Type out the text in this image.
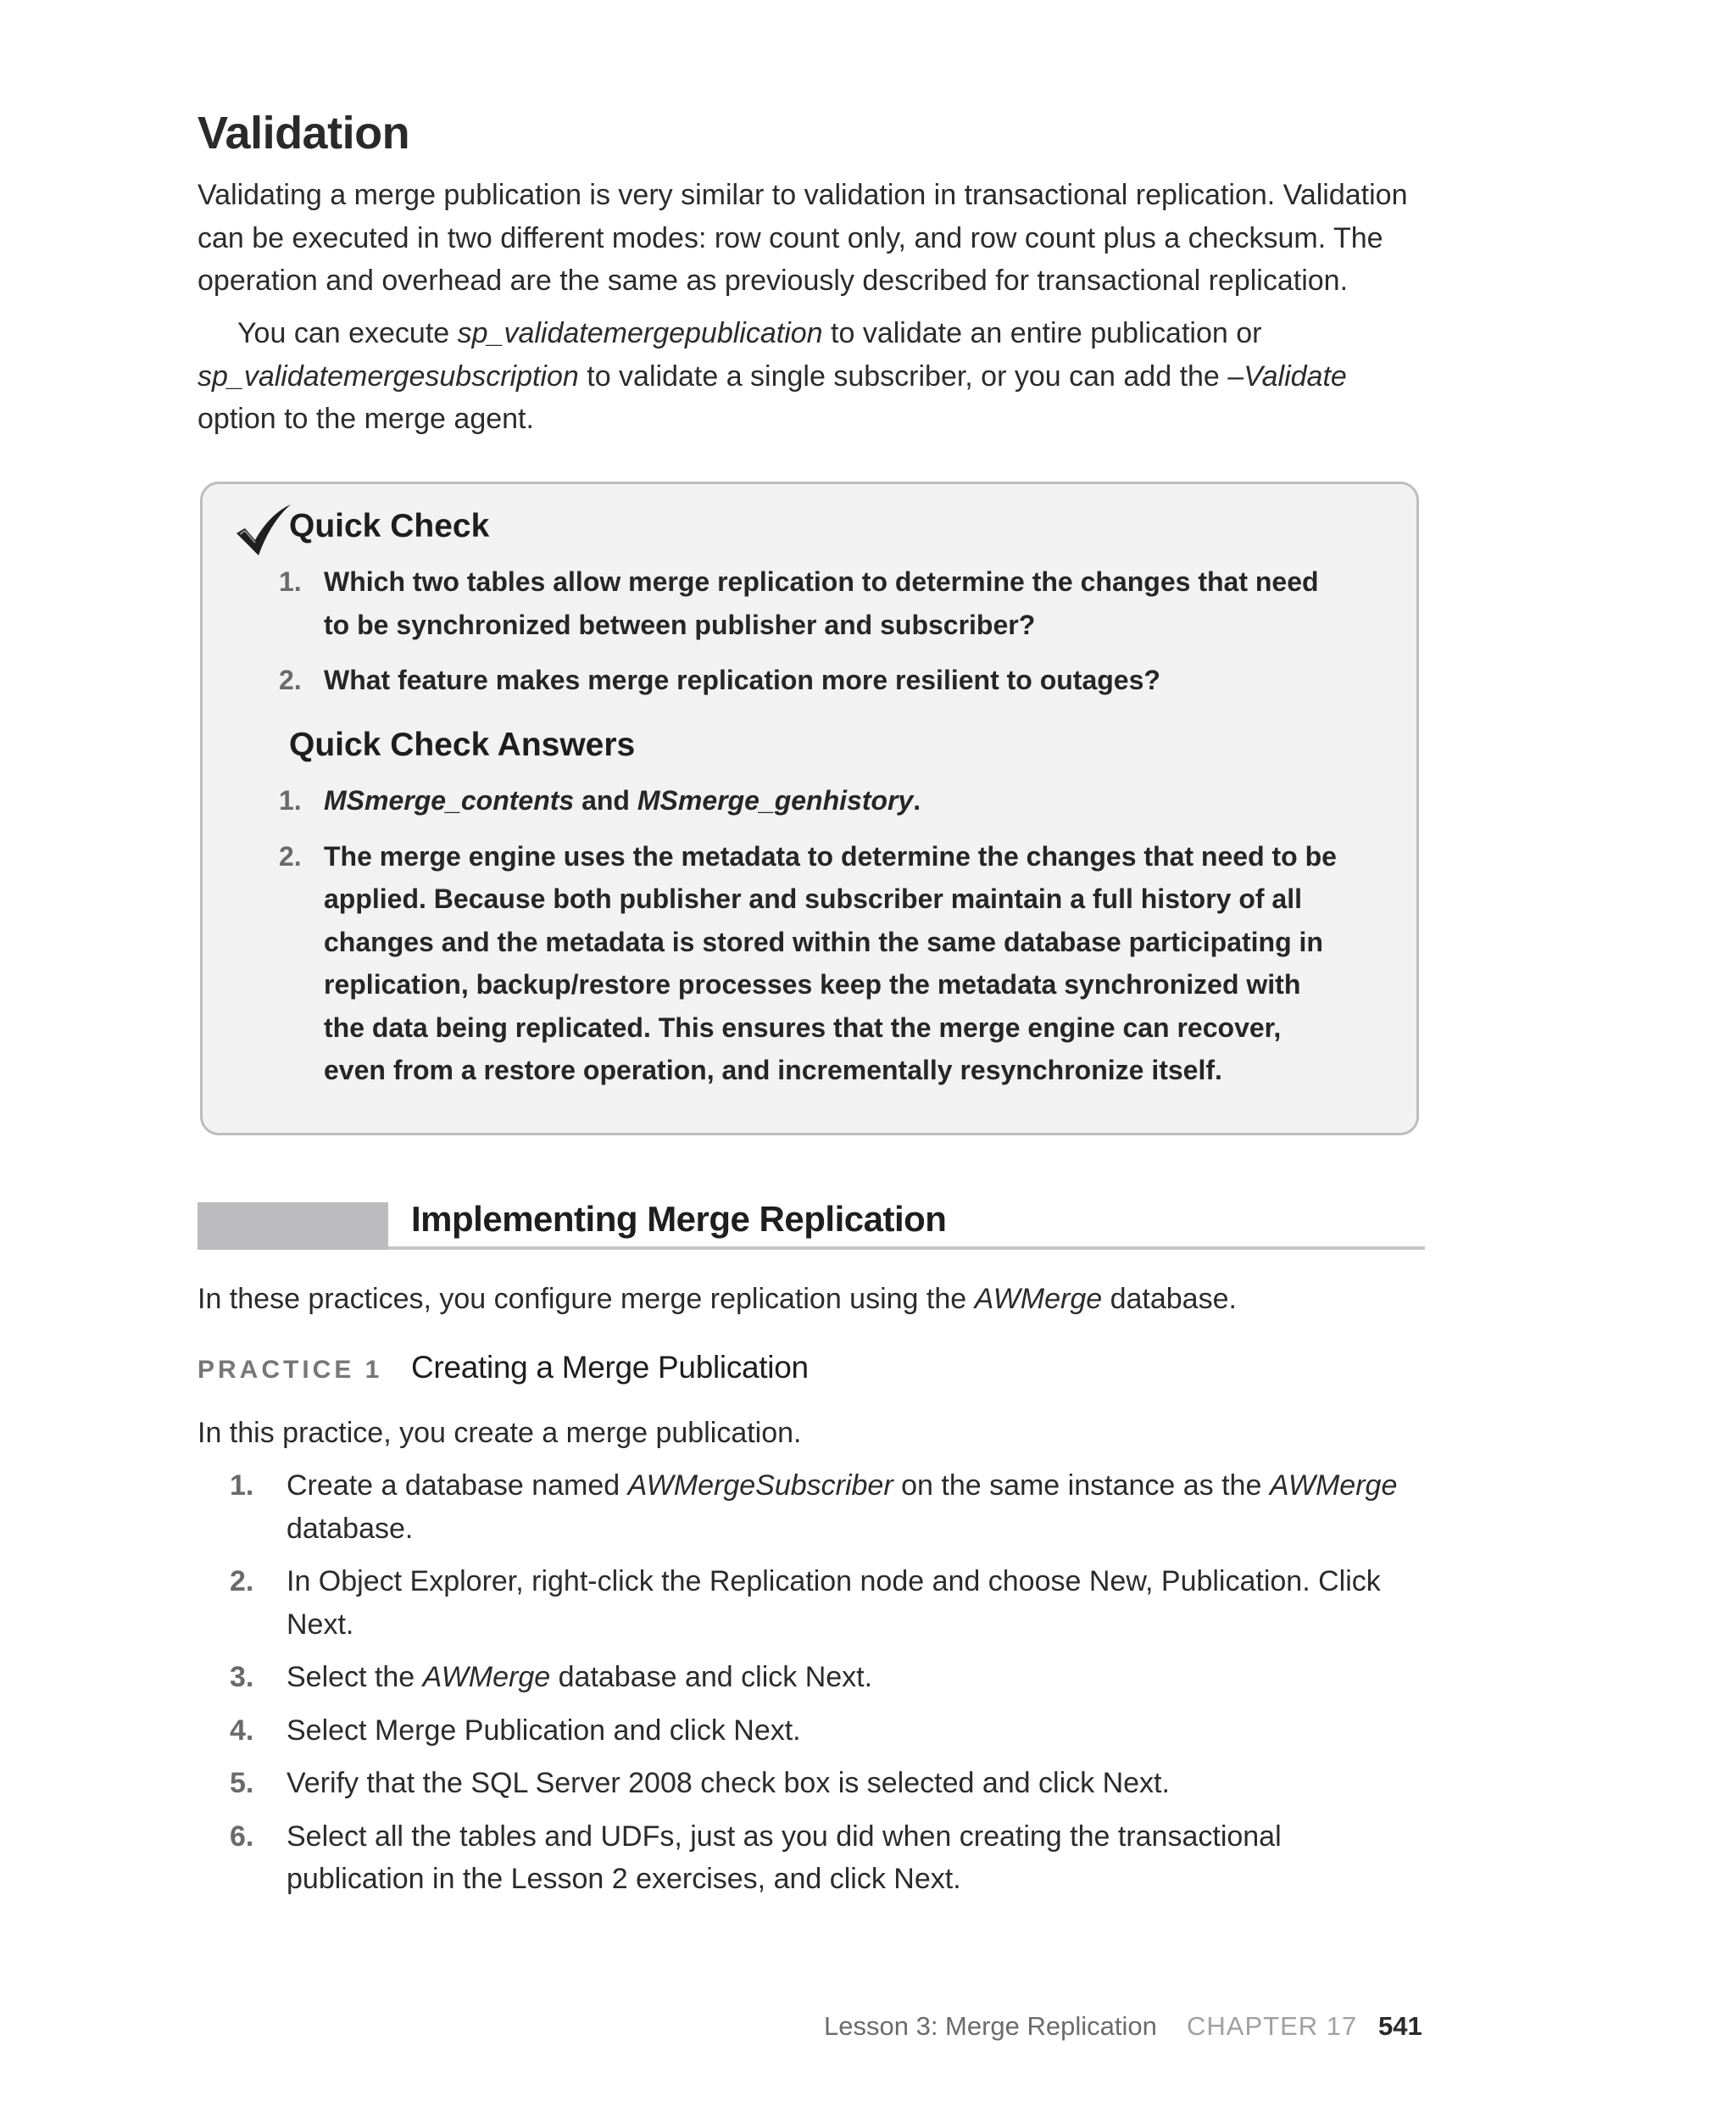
Validation

Validating a merge publication is very similar to validation in transactional replication. Validation can be executed in two different modes: row count only, and row count plus a checksum. The operation and overhead are the same as previously described for transactional replication.

You can execute sp_validatemergepublication to validate an entire publication or sp_validatemergesubscription to validate a single subscriber, or you can add the –Validate option to the merge agent.

Quick Check
1. Which two tables allow merge replication to determine the changes that need to be synchronized between publisher and subscriber?
2. What feature makes merge replication more resilient to outages?
Quick Check Answers
1. MSmerge_contents and MSmerge_genhistory.
2. The merge engine uses the metadata to determine the changes that need to be applied. Because both publisher and subscriber maintain a full history of all changes and the metadata is stored within the same database participating in replication, backup/restore processes keep the metadata synchronized with the data being replicated. This ensures that the merge engine can recover, even from a restore operation, and incrementally resynchronize itself.
Implementing Merge Replication

In these practices, you configure merge replication using the AWMerge database.

PRACTICE 1 Creating a Merge Publication

In this practice, you create a merge publication.

1. Create a database named AWMergeSubscriber on the same instance as the AWMerge database.
2. In Object Explorer, right-click the Replication node and choose New, Publication. Click Next.
3. Select the AWMerge database and click Next.
4. Select Merge Publication and click Next.
5. Verify that the SQL Server 2008 check box is selected and click Next.
6. Select all the tables and UDFs, just as you did when creating the transactional publication in the Lesson 2 exercises, and click Next.
Lesson 3: Merge Replication CHAPTER 17 541
